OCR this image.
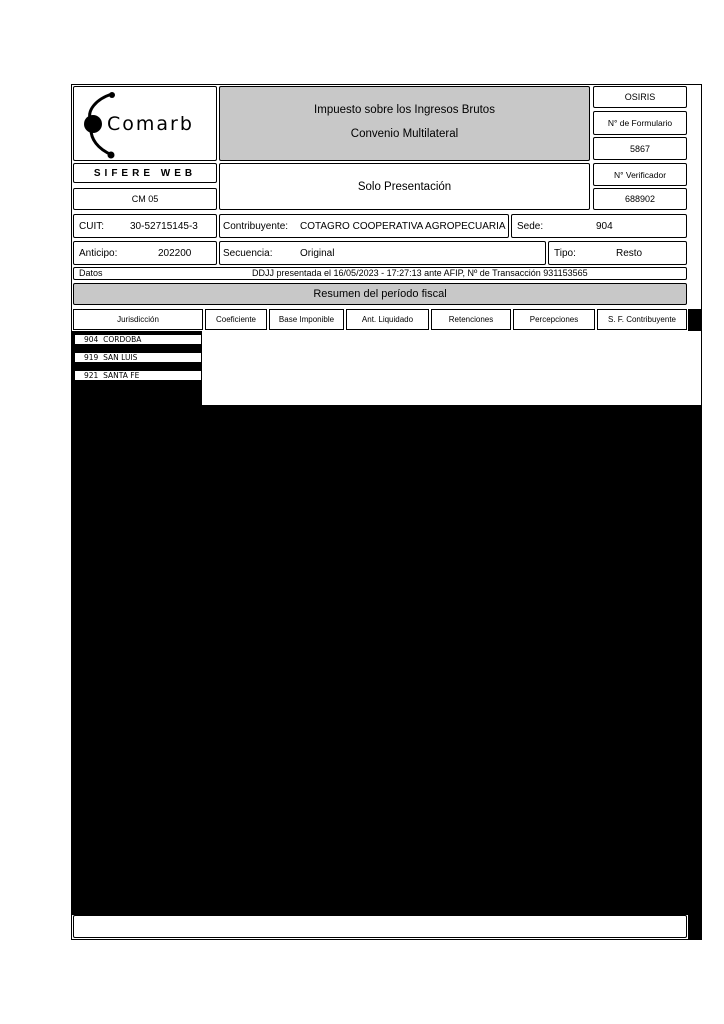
Comarb
Impuesto sobre los Ingresos Brutos
Convenio Multilateral
OSIRIS
N° de Formulario
5867
SIFERE WEB
CM 05
Solo Presentación
N° Verificador
688902
CUIT:	30-52715145-3	Contribuyente: COTAGRO COOPERATIVA AGROPECUARIA Sede:	904
Anticipo:	202200	Secuencia:	Original	Tipo:	Resto
Datos	DDJJ presentada el 16/05/2023 - 17:27:13 ante AFIP, Nº de Transacción 931153565
Resumen del período fiscal
Jurisdicción	Coeficiente	Base Imponible	Ant. Liquidado	Retenciones	Percepciones	S. F. Contribuyente
904 CORDOBA
919 SAN LUIS
921 SANTA FE
